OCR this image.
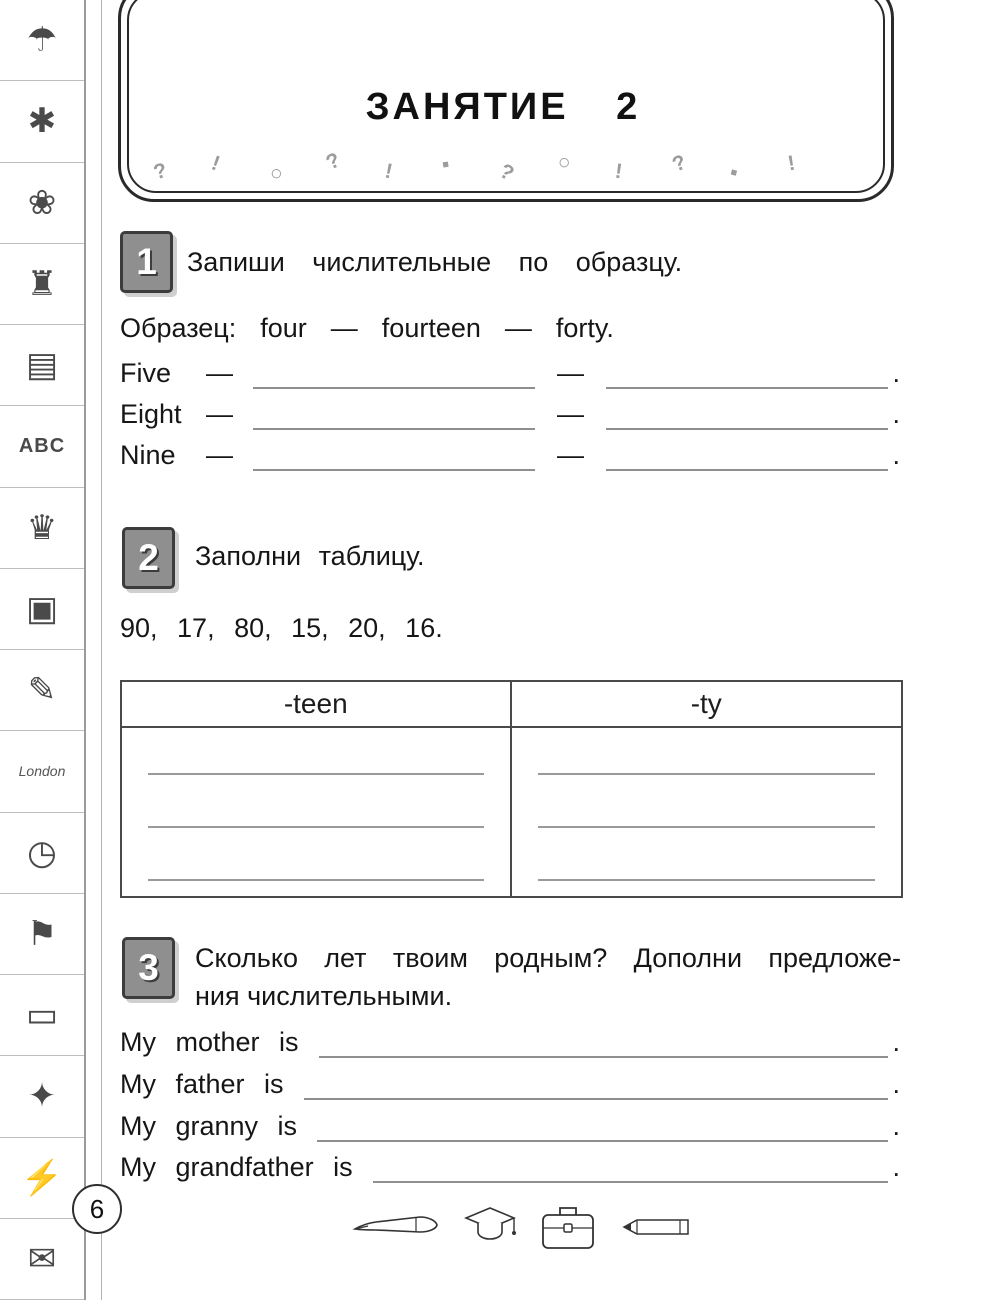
☂
✱
❀
♜
▤
ABC
♛
▣
✎
London
◷
⚑
▭
✦
⚡
✉
ЗАНЯТИЕ 2
? ! ○ ? ! ▪ ? ○ ! ? ▪ !
1	Запиши числительные по образцу.
Образец: four — fourteen — forty.
Five	—	—	.
Eight —	—	.
Nine	—	—	.
2	Заполни таблицу.
90, 17, 80, 15, 20, 16.
-teen	-ty
3	Сколько лет твоим родным? Дополни предложе-
ния числительными.
My mother is	.
My father is	.
My granny is	.
My grandfather is	.
6
